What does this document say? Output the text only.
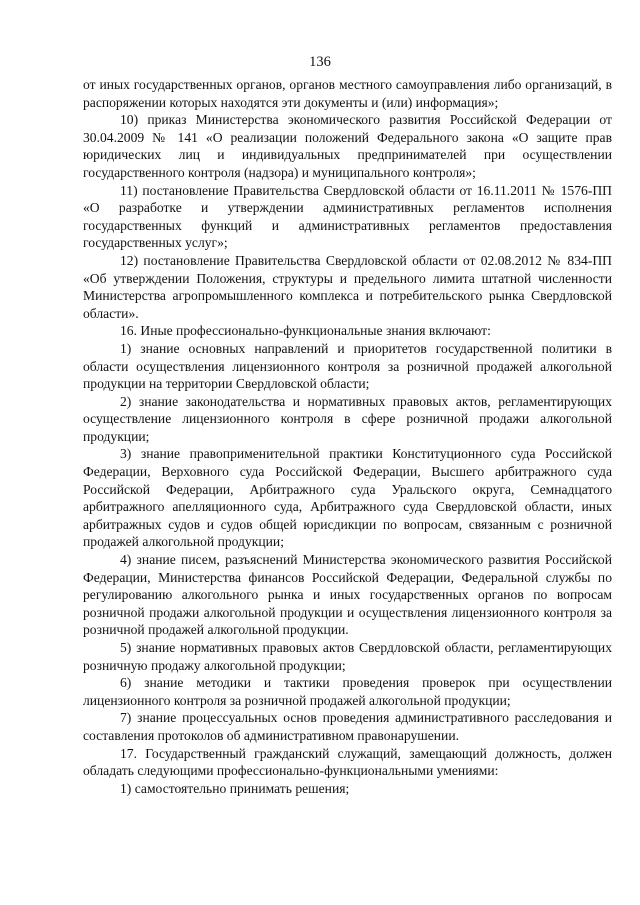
136

от иных государственных органов, органов местного самоуправления либо организаций, в распоряжении которых находятся эти документы и (или) информация»;

10) приказ Министерства экономического развития Российской Федерации от 30.04.2009 № 141 «О реализации положений Федерального закона «О защите прав юридических лиц и индивидуальных предпринимателей при осуществлении государственного контроля (надзора) и муниципального контроля»;

11) постановление Правительства Свердловской области от 16.11.2011 № 1576-ПП «О разработке и утверждении административных регламентов исполнения государственных функций и административных регламентов предоставления государственных услуг»;

12) постановление Правительства Свердловской области от 02.08.2012 № 834-ПП «Об утверждении Положения, структуры и предельного лимита штатной численности Министерства агропромышленного комплекса и потребительского рынка Свердловской области».

16. Иные профессионально-функциональные знания включают:

1) знание основных направлений и приоритетов государственной политики в области осуществления лицензионного контроля за розничной продажей алкогольной продукции на территории Свердловской области;

2) знание законодательства и нормативных правовых актов, регламентирующих осуществление лицензионного контроля в сфере розничной продажи алкогольной продукции;

3) знание правоприменительной практики Конституционного суда Российской Федерации, Верховного суда Российской Федерации, Высшего арбитражного суда Российской Федерации, Арбитражного суда Уральского округа, Семнадцатого арбитражного апелляционного суда, Арбитражного суда Свердловской области, иных арбитражных судов и судов общей юрисдикции по вопросам, связанным с розничной продажей алкогольной продукции;

4) знание писем, разъяснений Министерства экономического развития Российской Федерации, Министерства финансов Российской Федерации, Федеральной службы по регулированию алкогольного рынка и иных государственных органов по вопросам розничной продажи алкогольной продукции и осуществления лицензионного контроля за розничной продажей алкогольной продукции.

5) знание нормативных правовых актов Свердловской области, регламентирующих розничную продажу алкогольной продукции;

6) знание методики и тактики проведения проверок при осуществлении лицензионного контроля за розничной продажей алкогольной продукции;

7) знание процессуальных основ проведения административного расследования и составления протоколов об административном правонарушении.

17. Государственный гражданский служащий, замещающий должность, должен обладать следующими профессионально-функциональными умениями:

1) самостоятельно принимать решения;
